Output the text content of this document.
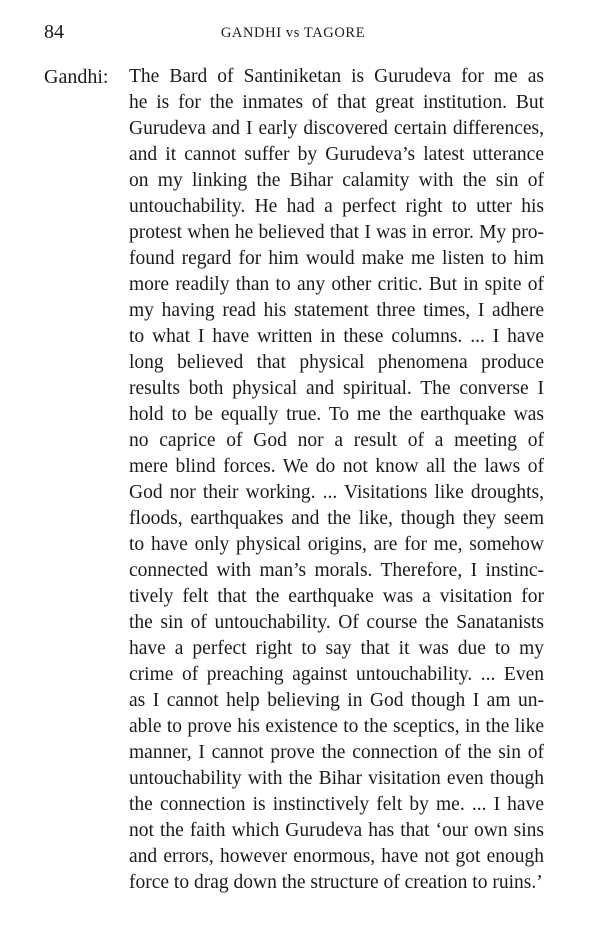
84	GANDHI vs TAGORE
Gandhi: The Bard of Santiniketan is Gurudeva for me as
he is for the inmates of that great institution. But
Gurudeva and I early discovered certain differences,
and it cannot suffer by Gurudeva’s latest utterance
on my linking the Bihar calamity with the sin of
untouchability. He had a perfect right to utter his
protest when he believed that I was in error. My pro-
found regard for him would make me listen to him
more readily than to any other critic. But in spite of
my having read his statement three times, I adhere
to what I have written in these columns. ... I have
long believed that physical phenomena produce
results both physical and spiritual. The converse I
hold to be equally true. To me the earthquake was
no caprice of God nor a result of a meeting of
mere blind forces. We do not know all the laws of
God nor their working. ... Visitations like droughts,
floods, earthquakes and the like, though they seem
to have only physical origins, are for me, somehow
connected with man’s morals. Therefore, I instinc-
tively felt that the earthquake was a visitation for
the sin of untouchability. Of course the Sanatanists
have a perfect right to say that it was due to my
crime of preaching against untouchability. ... Even
as I cannot help believing in God though I am un-
able to prove his existence to the sceptics, in the like
manner, I cannot prove the connection of the sin of
untouchability with the Bihar visitation even though
the connection is instinctively felt by me. ... I have
not the faith which Gurudeva has that ‘our own sins
and errors, however enormous, have not got enough
force to drag down the structure of creation to ruins.’
